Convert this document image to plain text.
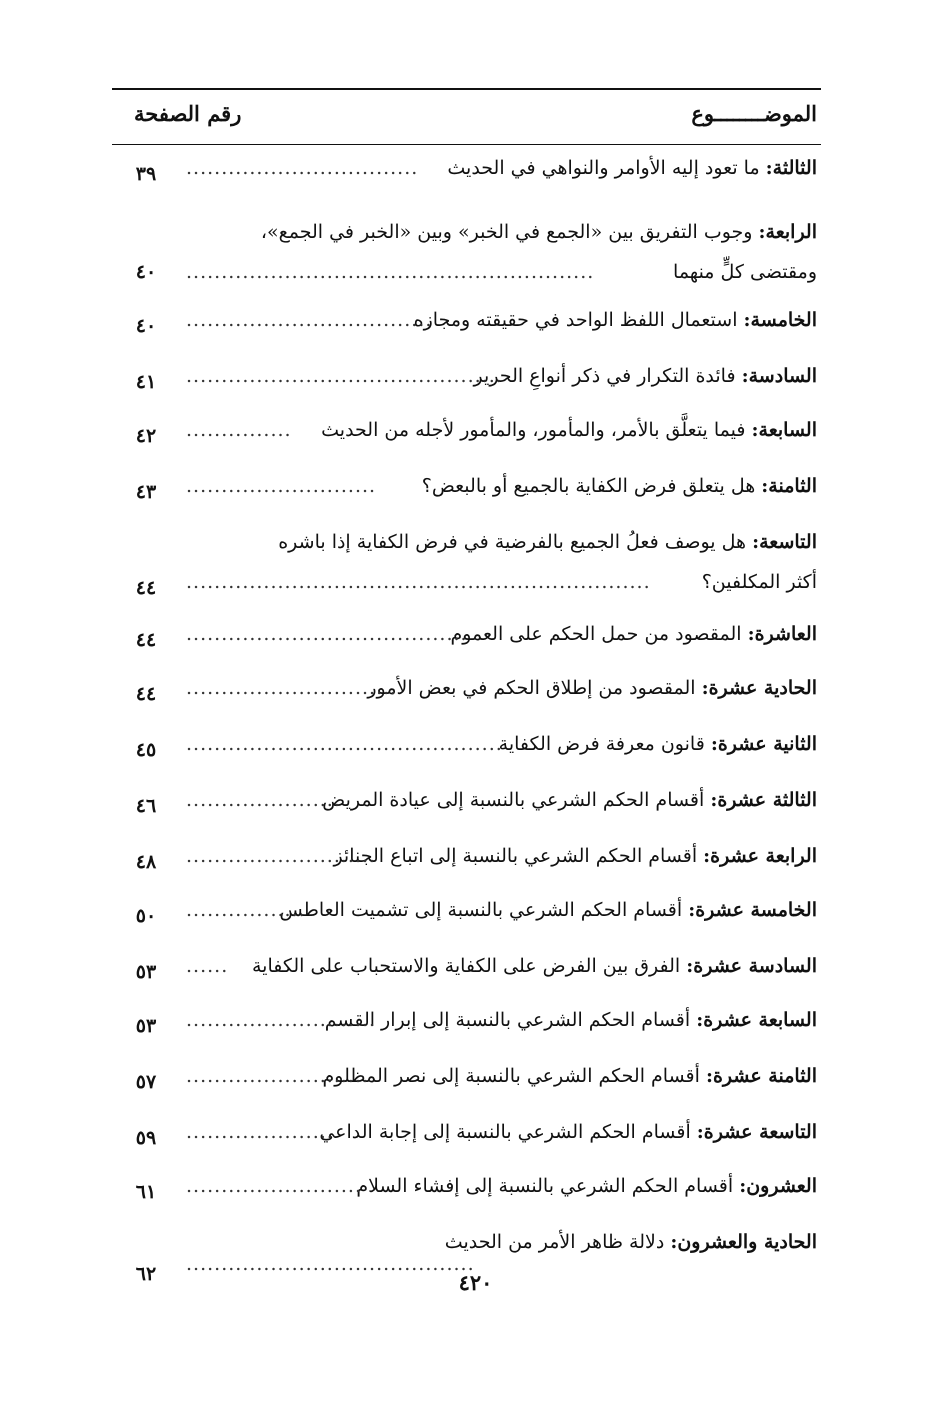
الموضــــــــوع
رقم الصفحة
الثالثة: ما تعود إليه الأوامر والنواهي في الحديث
.................................
٣٩
الرابعة: وجوب التفريق بين «الجمع في الخبر» وبين «الخبر في الجمع»،
ومقتضى كلٍّ منهما
..........................................................
٤٠
الخامسة: استعمال اللفظ الواحد في حقيقته ومجازه
...................................
٤٠
السادسة: فائدة التكرار في ذكر أنواعِ الحرير
.............................................
٤١
السابعة: فيما يتعلَّق بالأمر، والمأمور، والمأمور لأجله من الحديث
...............
٤٢
الثامنة: هل يتعلق فرض الكفاية بالجميع أو بالبعض؟
...........................
٤٣
التاسعة: هل يوصف فعلُ الجميع بالفرضية في فرض الكفاية إذا باشره
أكثر المكلفين؟
..................................................................
٤٤
العاشرة: المقصود من حمل الحكم على العموم
........................................
٤٤
الحادية عشرة: المقصود من إطلاق الحكم في بعض الأمور
..............................
٤٤
الثانية عشرة: قانون معرفة فرض الكفاية
.............................................
٤٥
الثالثة عشرة: أقسام الحكم الشرعي بالنسبة إلى عيادة المريض
......................
٤٦
الرابعة عشرة: أقسام الحكم الشرعي بالنسبة إلى اتباع الجنائز
...........................
٤٨
الخامسة عشرة: أقسام الحكم الشرعي بالنسبة إلى تشميت العاطس
.................
٥٠
السادسة عشرة: الفرق بين الفرض على الكفاية والاستحباب على الكفاية
......
٥٣
السابعة عشرة: أقسام الحكم الشرعي بالنسبة إلى إبرار القسم
...........................
٥٣
الثامنة عشرة: أقسام الحكم الشرعي بالنسبة إلى نصر المظلوم
..........................
٥٧
التاسعة عشرة: أقسام الحكم الشرعي بالنسبة إلى إجابة الداعي
.....................
٥٩
العشرون: أقسام الحكم الشرعي بالنسبة إلى إفشاء السلام
.........................
٦١
الحادية والعشرون: دلالة ظاهر الأمر من الحديث
.........................................
٦٢	٤٢٠
